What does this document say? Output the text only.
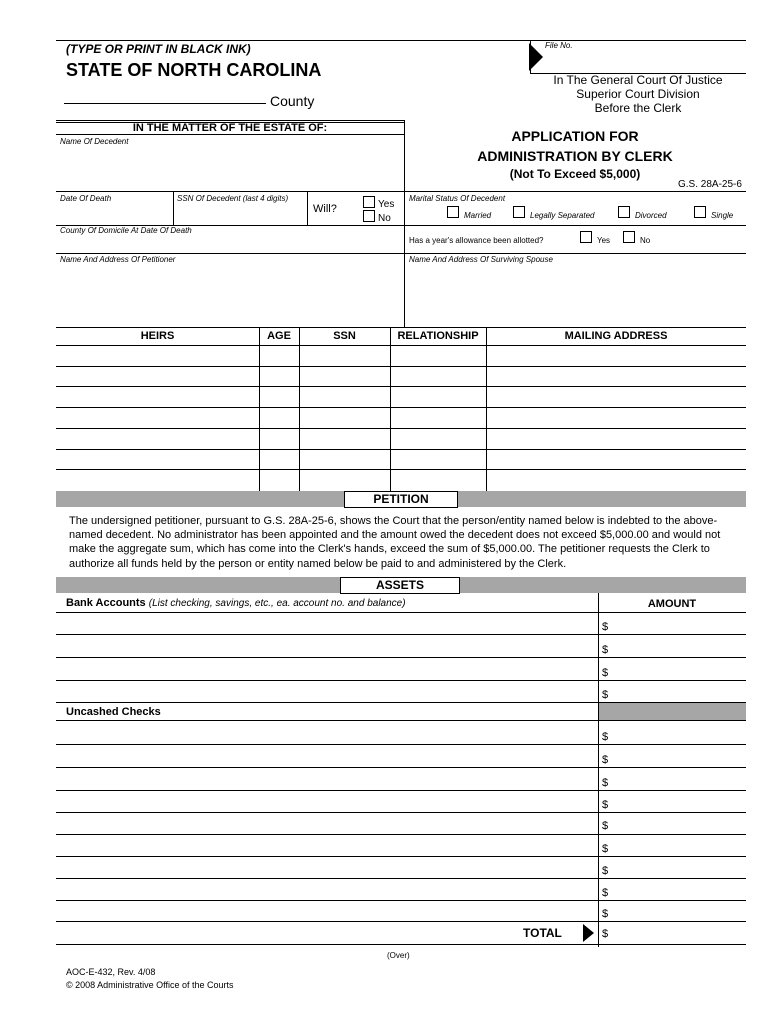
(TYPE OR PRINT IN BLACK INK)
STATE OF NORTH CAROLINA
County
File No.
In The General Court Of Justice
Superior Court Division
Before the Clerk
IN THE MATTER OF THE ESTATE OF:
Name Of Decedent	APPLICATION FOR
ADMINISTRATION BY CLERK
(Not To Exceed $5,000)
G.S. 28A-25-6
Date Of Death	SSN Of Decedent (last 4 digits)
Will?	Yes
No
Marital Status Of Decedent
Married	Legally Separated	Divorced	Single
County Of Domicile At Date Of Death
Has a year's allowance been allotted?	Yes	No
Name And Address Of Petitioner	Name And Address Of Surviving Spouse
HEIRS	AGE	SSN	RELATIONSHIP	MAILING ADDRESS
PETITION
The undersigned petitioner, pursuant to G.S. 28A-25-6, shows the Court that the person/entity named below is indebted to the above-named decedent. No administrator has been appointed and the amount owed the decedent does not exceed $5,000.00 and would not make the aggregate sum, which has come into the Clerk's hands, exceed the sum of $5,000.00. The petitioner requests the Clerk to authorize all funds held by the person or entity named below be paid to and administered by the Clerk.
ASSETS
Bank Accounts (List checking, savings, etc., ea. account no. and balance)	AMOUNT
$
$
$
$
Uncashed Checks
$
$
$
$
$
$
$
$
$
TOTAL	$
(Over)
AOC-E-432, Rev. 4/08
© 2008 Administrative Office of the Courts
